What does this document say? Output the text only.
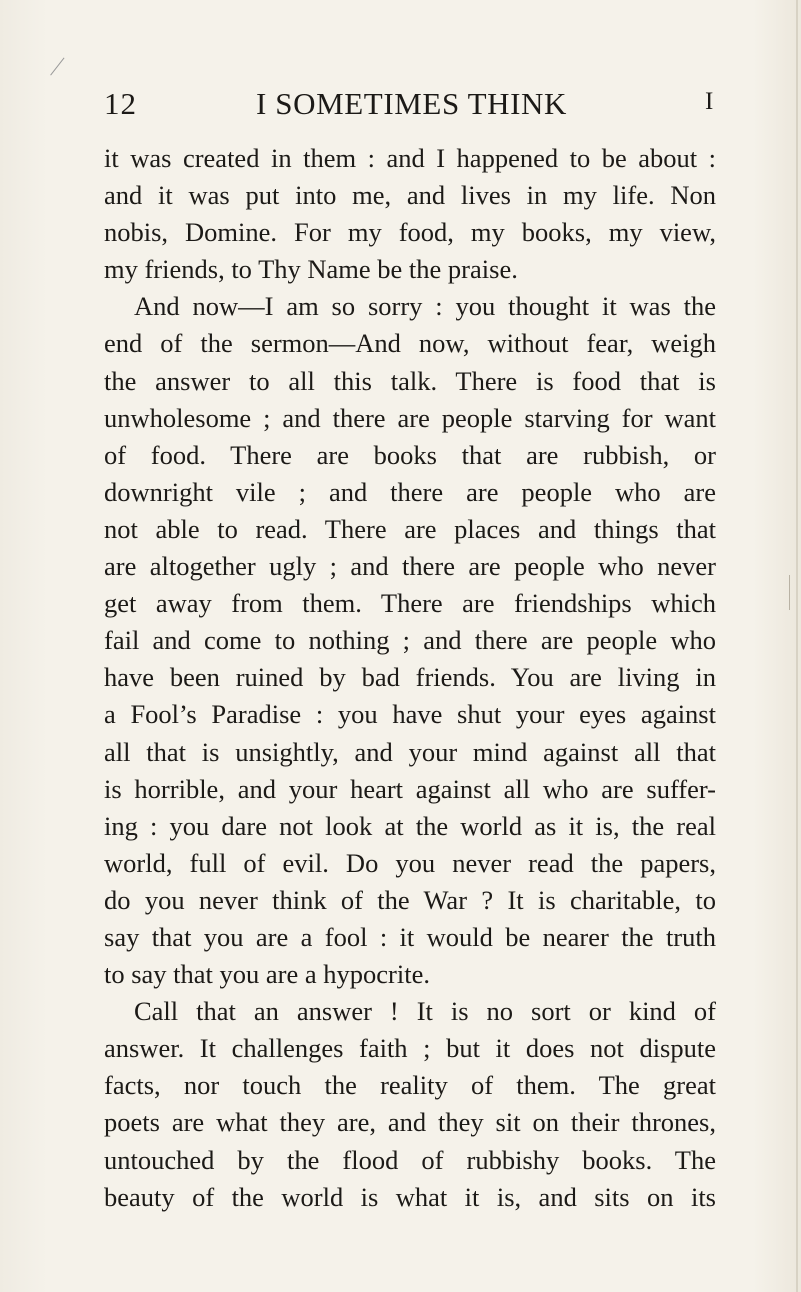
12	I SOMETIMES THINK	I
it was created in them : and I happened to be about :
and it was put into me, and lives in my life. Non
nobis, Domine. For my food, my books, my view,
my friends, to Thy Name be the praise.
And now—I am so sorry : you thought it was the
end of the sermon—And now, without fear, weigh
the answer to all this talk. There is food that is
unwholesome ; and there are people starving for want
of food. There are books that are rubbish, or
downright vile ; and there are people who are
not able to read. There are places and things that
are altogether ugly ; and there are people who never
get away from them. There are friendships which
fail and come to nothing ; and there are people who
have been ruined by bad friends. You are living in
a Fool’s Paradise : you have shut your eyes against
all that is unsightly, and your mind against all that
is horrible, and your heart against all who are suffer-
ing : you dare not look at the world as it is, the real
world, full of evil. Do you never read the papers,
do you never think of the War ? It is charitable, to
say that you are a fool : it would be nearer the truth
to say that you are a hypocrite.
Call that an answer ! It is no sort or kind of
answer. It challenges faith ; but it does not dispute
facts, nor touch the reality of them. The great
poets are what they are, and they sit on their thrones,
untouched by the flood of rubbishy books. The
beauty of the world is what it is, and sits on its
